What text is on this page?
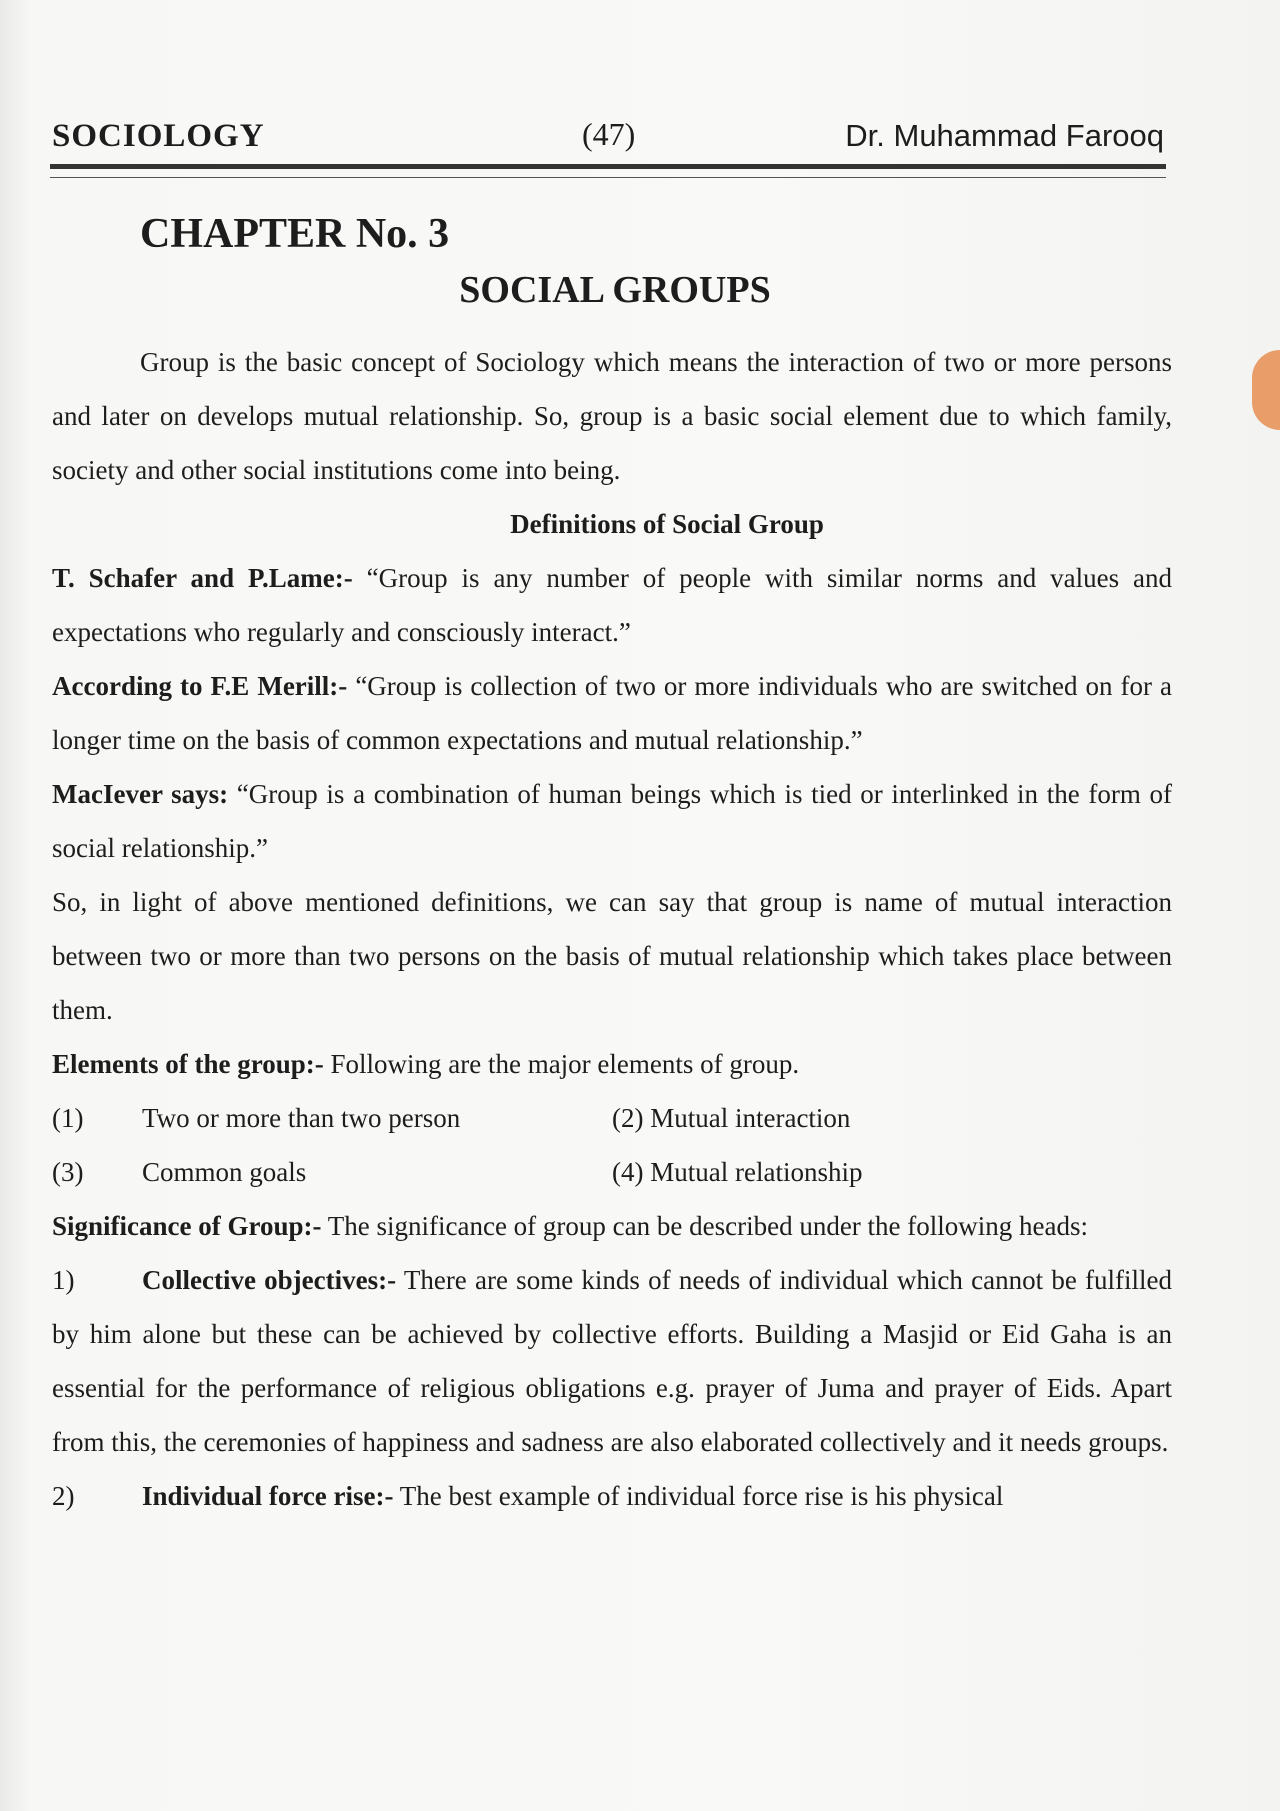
SOCIOLOGY	(47)	Dr. Muhammad Farooq
CHAPTER No. 3
SOCIAL GROUPS

Group is the basic concept of Sociology which means the interaction of two or more persons and later on develops mutual relationship. So, group is a basic social element due to which family, society and other social institutions come into being.

Definitions of Social Group

T. Schafer and P.Lame:- “Group is any number of people with similar norms and values and expectations who regularly and consciously interact.”

According to F.E Merill:- “Group is collection of two or more individuals who are switched on for a longer time on the basis of common expectations and mutual relationship.”

MacIever says: “Group is a combination of human beings which is tied or interlinked in the form of social relationship.”

So, in light of above mentioned definitions, we can say that group is name of mutual interaction between two or more than two persons on the basis of mutual relationship which takes place between them.

Elements of the group:- Following are the major elements of group.

(1)	Two or more than two person	(2) Mutual interaction
(3)	Common goals	(4) Mutual relationship

Significance of Group:- The significance of group can be described under the following heads:

1)	Collective objectives:- There are some kinds of needs of individual which cannot be fulfilled by him alone but these can be achieved by collective efforts. Building a Masjid or Eid Gaha is an essential for the performance of religious obligations e.g. prayer of Juma and prayer of Eids. Apart from this, the ceremonies of happiness and sadness are also elaborated collectively and it needs groups.

2)	Individual force rise:- The best example of individual force rise is his physical
